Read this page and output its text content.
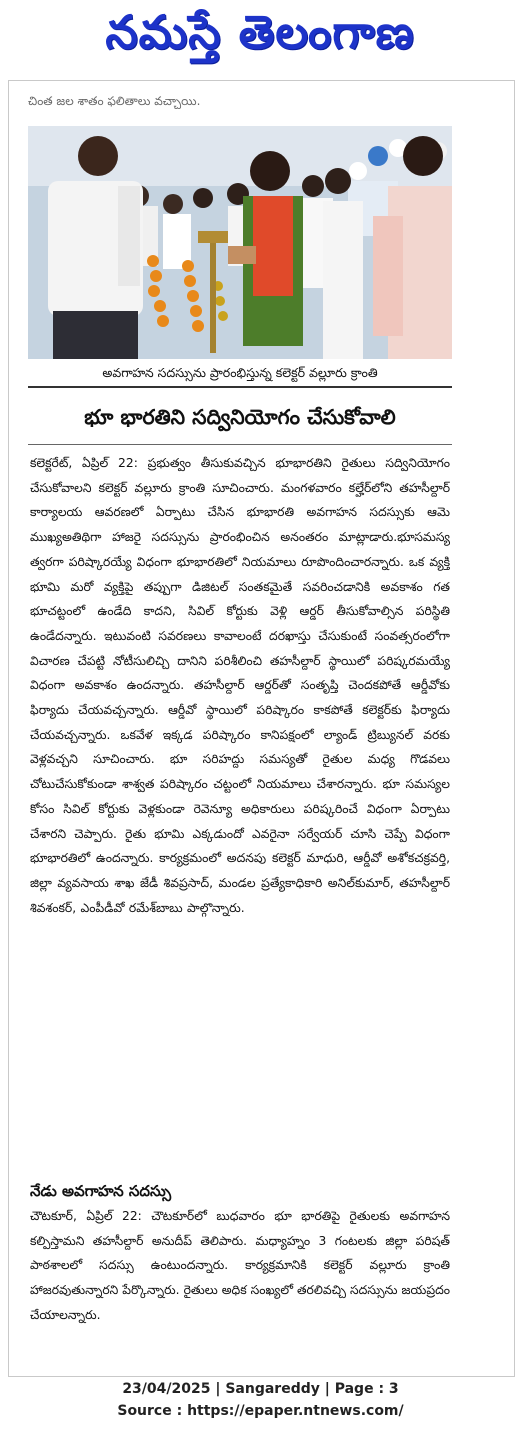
నమస్తే తెలంగాణ
చింత జల శాతం ఫలితాలు వచ్చాయి.
అవగాహన సదస్సును ప్రారంభిస్తున్న కలెక్టర్ వల్లూరు క్రాంతి
భూ భారతిని సద్వినియోగం చేసుకోవాలి

కలెక్టరేట్, ఏప్రిల్ 22: ప్రభుత్వం తీసుకువచ్చిన భూభారతిని రైతులు సద్వినియోగం చేసుకోవాలని కలెక్టర్ వల్లూరు క్రాంతి సూచించారు. మంగళవారం కల్హేర్‌లోని తహసీల్దార్ కార్యాలయ ఆవరణలో ఏర్పాటు చేసిన భూభారతి అవగాహన సదస్సుకు ఆమె ముఖ్యఅతిథిగా హాజరై సదస్సును ప్రారంభించిన అనంతరం మాట్లాడారు.భూసమస్య త్వరగా పరిష్కారయ్యే విధంగా భూభారతిలో నియమాలు రూపొందించారన్నారు. ఒక వ్యక్తి భూమి మరో వ్యక్తిపై తప్పుగా డిజిటల్ సంతకమైతే సవరించడానికి అవకాశం గత భూచట్టంలో ఉండేది కాదని, సివిల్ కోర్టుకు వెళ్లి ఆర్డర్ తీసుకోవాల్సిన పరిస్థితి ఉండేదన్నారు. ఇటువంటి సవరణలు కావాలంటే దరఖాస్తు చేసుకుంటే సంవత్సరంలోగా విచారణ చేపట్టి నోటీసులిచ్చి దానిని పరిశీలించి తహసీల్దార్ స్థాయిలో పరిష్కరమయ్యే విధంగా అవకాశం ఉందన్నారు. తహసీల్దార్ ఆర్డర్‌తో సంతృప్తి చెందకపోతే ఆర్డీవోకు ఫిర్యాదు చేయవచ్చన్నారు. ఆర్డీవో స్థాయిలో పరిష్కారం కాకపోతే కలెక్టర్‌కు ఫిర్యాదు చేయవచ్చన్నారు. ఒకవేళ ఇక్కడ పరిష్కారం కానిపక్షంలో ల్యాండ్ ట్రిబ్యునల్ వరకు వెళ్లవచ్చని సూచించారు. భూ సరిహద్దు సమస్యతో రైతుల మధ్య గొడవలు చోటుచేసుకోకుండా శాశ్వత పరిష్కారం చట్టంలో నియమాలు చేశారన్నారు. భూ సమస్యల కోసం సివిల్ కోర్టుకు వెళ్లకుండా రెవెన్యూ అధికారులు పరిష్కరించే విధంగా ఏర్పాటు చేశారని చెప్పారు. రైతు భూమి ఎక్కడుందో ఎవరైనా సర్వేయర్ చూసి చెప్పే విధంగా భూభారతిలో ఉందన్నారు. కార్యక్రమంలో అదనపు కలెక్టర్ మాధురి, ఆర్డీవో అశోకచక్రవర్తి, జిల్లా వ్యవసాయ శాఖ జేడీ శివప్రసాద్, మండల ప్రత్యేకాధికారి అనిల్‌కుమార్, తహసీల్దార్ శివశంకర్, ఎంపీడీవో రమేశ్‌బాబు పాల్గొన్నారు.

నేడు అవగాహన సదస్సు

చౌటకూర్, ఏప్రిల్ 22: చౌటకూర్‌లో బుధవారం భూ భారతిపై రైతులకు అవగాహన కల్పిస్తామని తహసీల్దార్ అనుదీప్ తెలిపారు. మధ్యాహ్నం 3 గంటలకు జిల్లా పరిషత్ పాఠశాలలో సదస్సు ఉంటుందన్నారు. కార్యక్రమానికి కలెక్టర్ వల్లూరు క్రాంతి హాజరవుతున్నారని పేర్కొన్నారు. రైతులు అధిక సంఖ్యలో తరలివచ్చి సదస్సును జయప్రదం చేయాలన్నారు.

23/04/2025 | Sangareddy | Page : 3
Source : https://epaper.ntnews.com/
